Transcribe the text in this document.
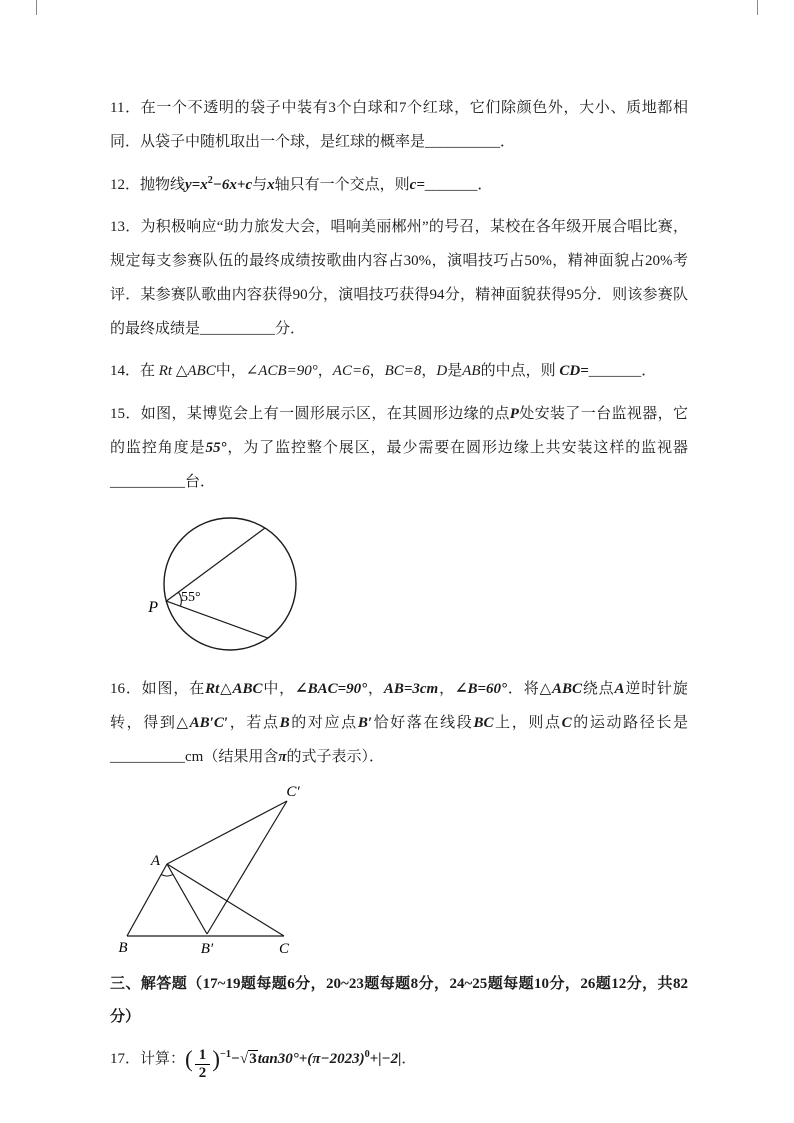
11．在一个不透明的袋子中装有3个白球和7个红球，它们除颜色外，大小、质地都相同．从袋子中随机取出一个球，是红球的概率是__________．

12．抛物线$y=x^2-6x+c$与x轴只有一个交点，则c=_______．

13．为积极响应“助力旅发大会，唱响美丽郴州”的号召，某校在各年级开展合唱比赛，规定每支参赛队伍的最终成绩按歌曲内容占30%，演唱技巧占50%，精神面貌占20%考评．某参赛队歌曲内容获得90分，演唱技巧获得94分，精神面貌获得95分．则该参赛队的最终成绩是__________分．

14．在 Rt △ABC中，∠ACB=90°，AC=6，BC=8，D是AB的中点，则 CD=_______．

15．如图，某博览会上有一圆形展示区，在其圆形边缘的点P处安装了一台监视器，它的监控角度是55°，为了监控整个展区，最少需要在圆形边缘上共安装这样的监视器__________台．

55°
P

16．如图，在Rt△ABC中，∠BAC=90°，AB=3cm，∠B=60°．将△ABC绕点A逆时针旋转，得到△AB′C′，若点B的对应点B′恰好落在线段BC上，则点C的运动路径长是__________cm（结果用含π的式子表示）．

A
B	B′	C
C′

三、解答题（17~19题每题6分，20~23题每题8分，24~25题每题10分，26题12分，共82分）

17．计算：( $\frac{1}{2} )^{-1}-√3\tan 30^\circ+(\pi-2023)^0+|-2|$．
